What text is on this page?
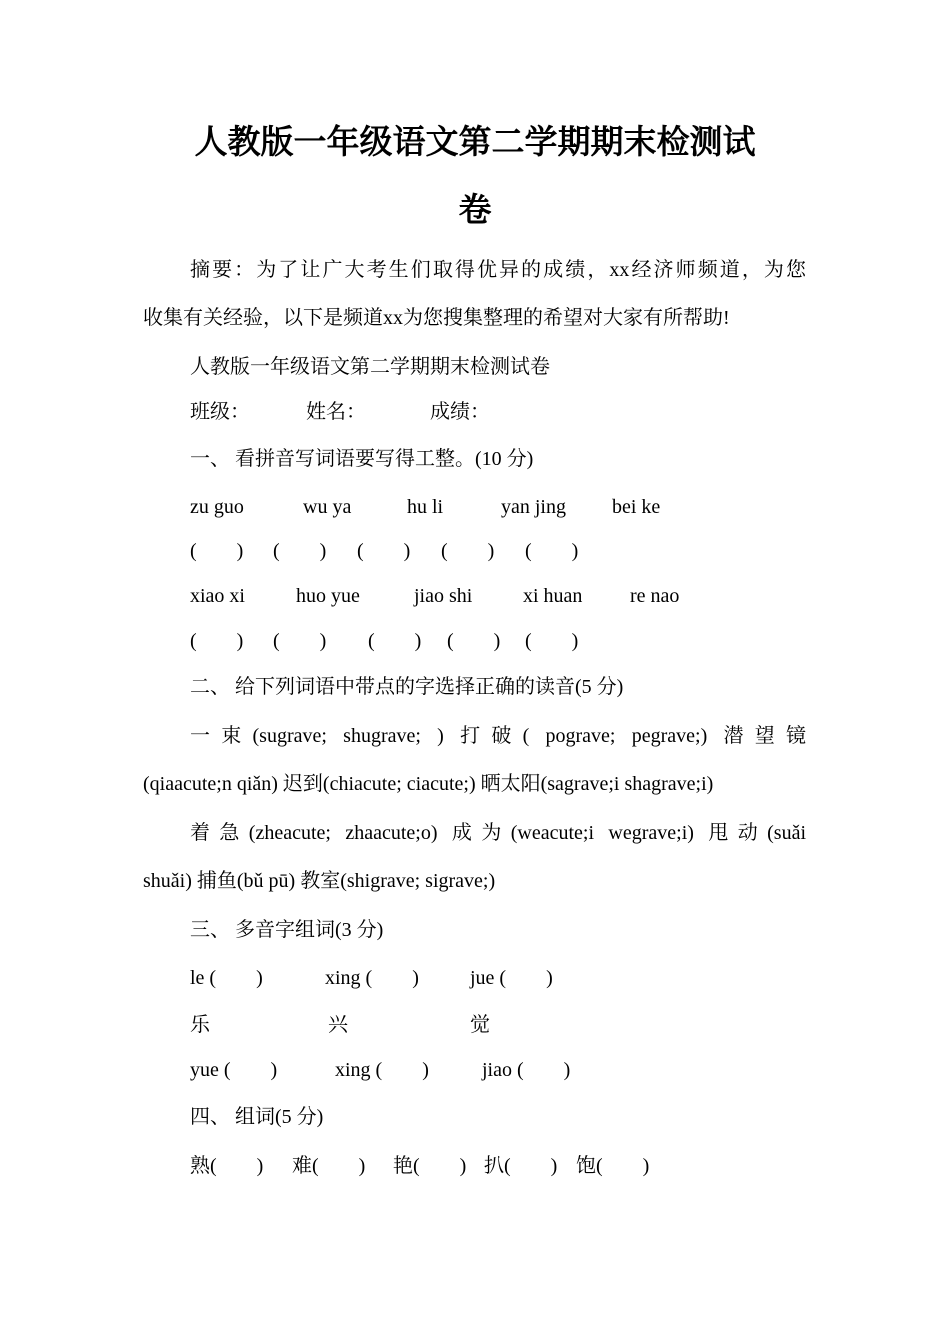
人教版一年级语文第二学期期末检测试
卷
摘要：为了让广大考生们取得优异的成绩，xx经济师频道，为您
收集有关经验，以下是频道xx为您搜集整理的希望对大家有所帮助!
人教版一年级语文第二学期期末检测试卷
班级：	姓名：	成绩：
一、 看拼音写词语要写得工整。(10 分)
zu guo	wu ya	hu li	yan jing bei ke
(　　) (　　) (　　) (　　) (　　)
xiao xi	huo yue	jiao shi	xi huan re nao
(　　) (　　) (　　) (　　) (　　)
二、 给下列词语中带点的字选择正确的读音(5 分)
一束(sugrave; shugrave; ) 打破( pograve; pegrave;) 潜望镜
(qiaacute;n qiǎn) 迟到(chiacute; ciacute;) 晒太阳(sagrave;i shagrave;i)
着急(zheacute; zhaacute;o) 成为(weacute;i wegrave;i) 甩动(suǎi
shuǎi) 捕鱼(bǔ pū) 教室(shigrave; sigrave;)
三、 多音字组词(3 分)
le (　　)	xing (　　)	jue (　　)
乐	兴	觉
yue (　　)	xing (　　)	jiao (　　)
四、 组词(5 分)
熟(　　) 难(　　) 艳(　　) 扒(　　) 饱(　　)
